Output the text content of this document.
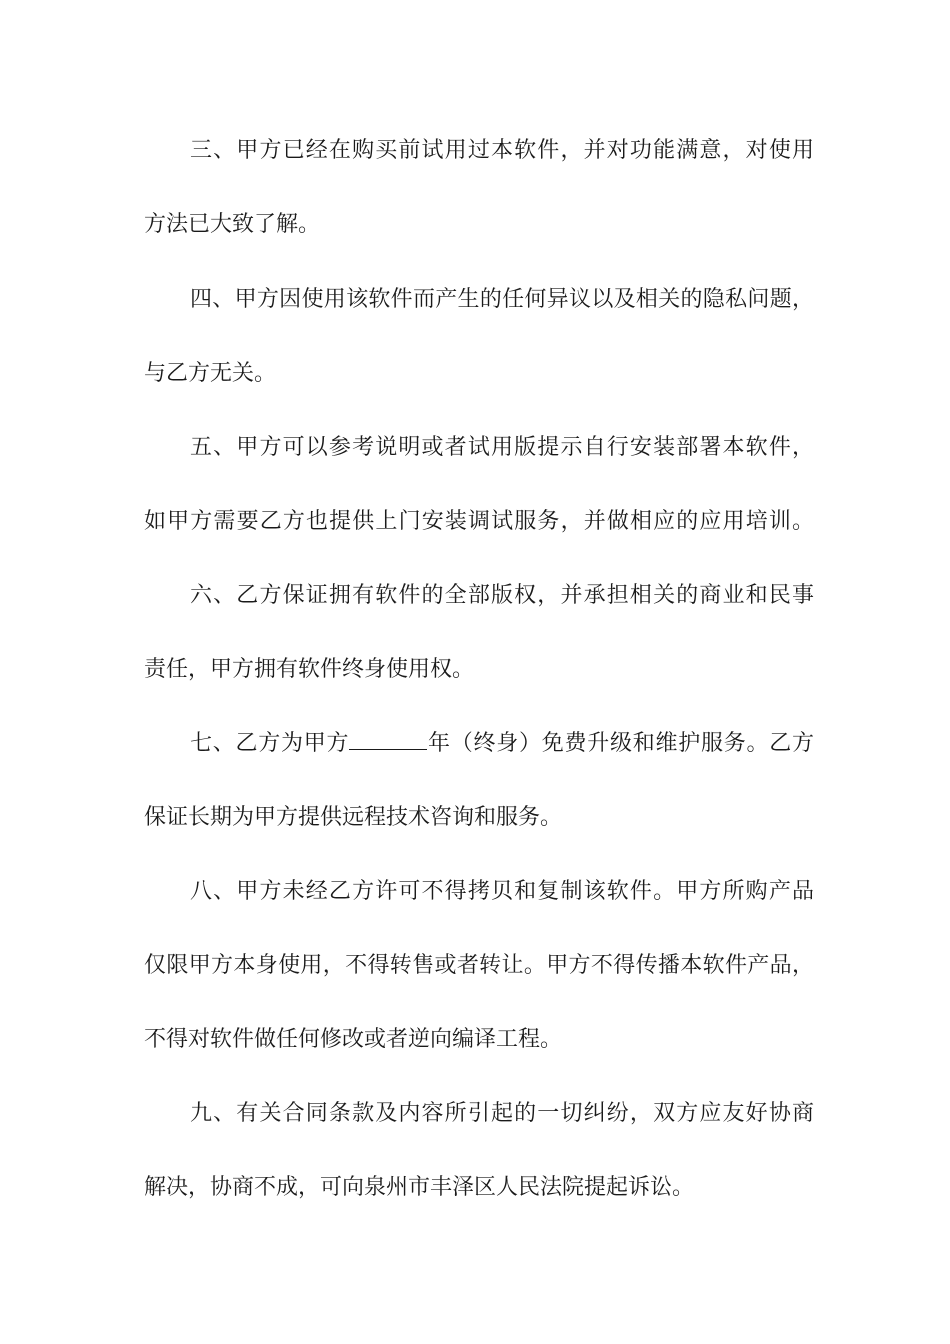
三、甲方已经在购买前试用过本软件，并对功能满意，对使用
方法已大致了解。
四、甲方因使用该软件而产生的任何异议以及相关的隐私问题，
与乙方无关。
五、甲方可以参考说明或者试用版提示自行安装部署本软件，
如甲方需要乙方也提供上门安装调试服务，并做相应的应用培训。
六、乙方保证拥有软件的全部版权，并承担相关的商业和民事
责任，甲方拥有软件终身使用权。
七、乙方为甲方	年（终身）免费升级和维护服务。乙方
保证长期为甲方提供远程技术咨询和服务。
八、甲方未经乙方许可不得拷贝和复制该软件。甲方所购产品
仅限甲方本身使用，不得转售或者转让。甲方不得传播本软件产品，
不得对软件做任何修改或者逆向编译工程。
九、有关合同条款及内容所引起的一切纠纷，双方应友好协商
解决，协商不成，可向泉州市丰泽区人民法院提起诉讼。
